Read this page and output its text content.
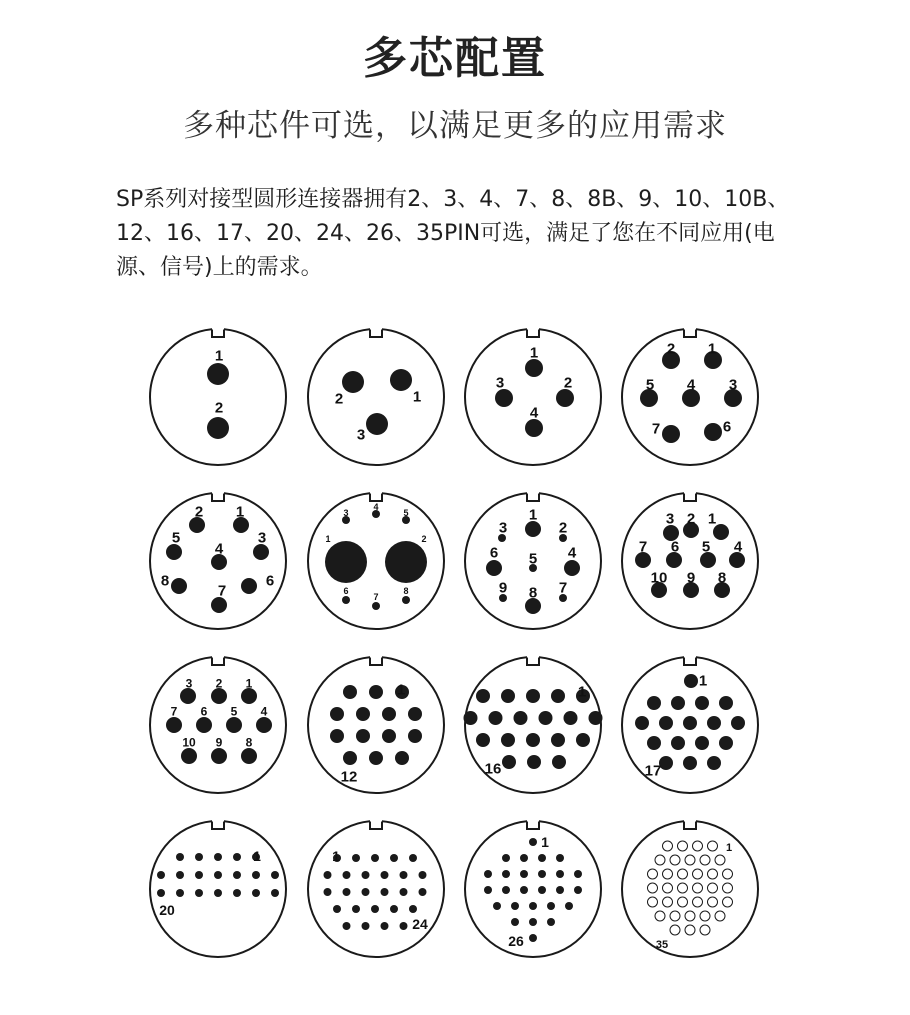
多芯配置
多种芯件可选，以满足更多的应用需求
SP系列对接型圆形连接器拥有2、3、4、7、8、8B、9、10、10B、12、16、17、20、24、26、35PIN可选，满足了您在不同应用(电源、信号)上的需求。
1
2
2	1
3
1
3	2
4
2 1
5 4 3
7	6
2 1
5	3
4
8
7
6
4
3	5
1	2
6
7
8
1
3	2
6 5 4
9 8 7
3 2 1
7 6 5 4
10 9 8
3 2 1
7 6 5 4
10 9 8
1
12
1
16
1
17
1
20
1
24
1
26
1
35
